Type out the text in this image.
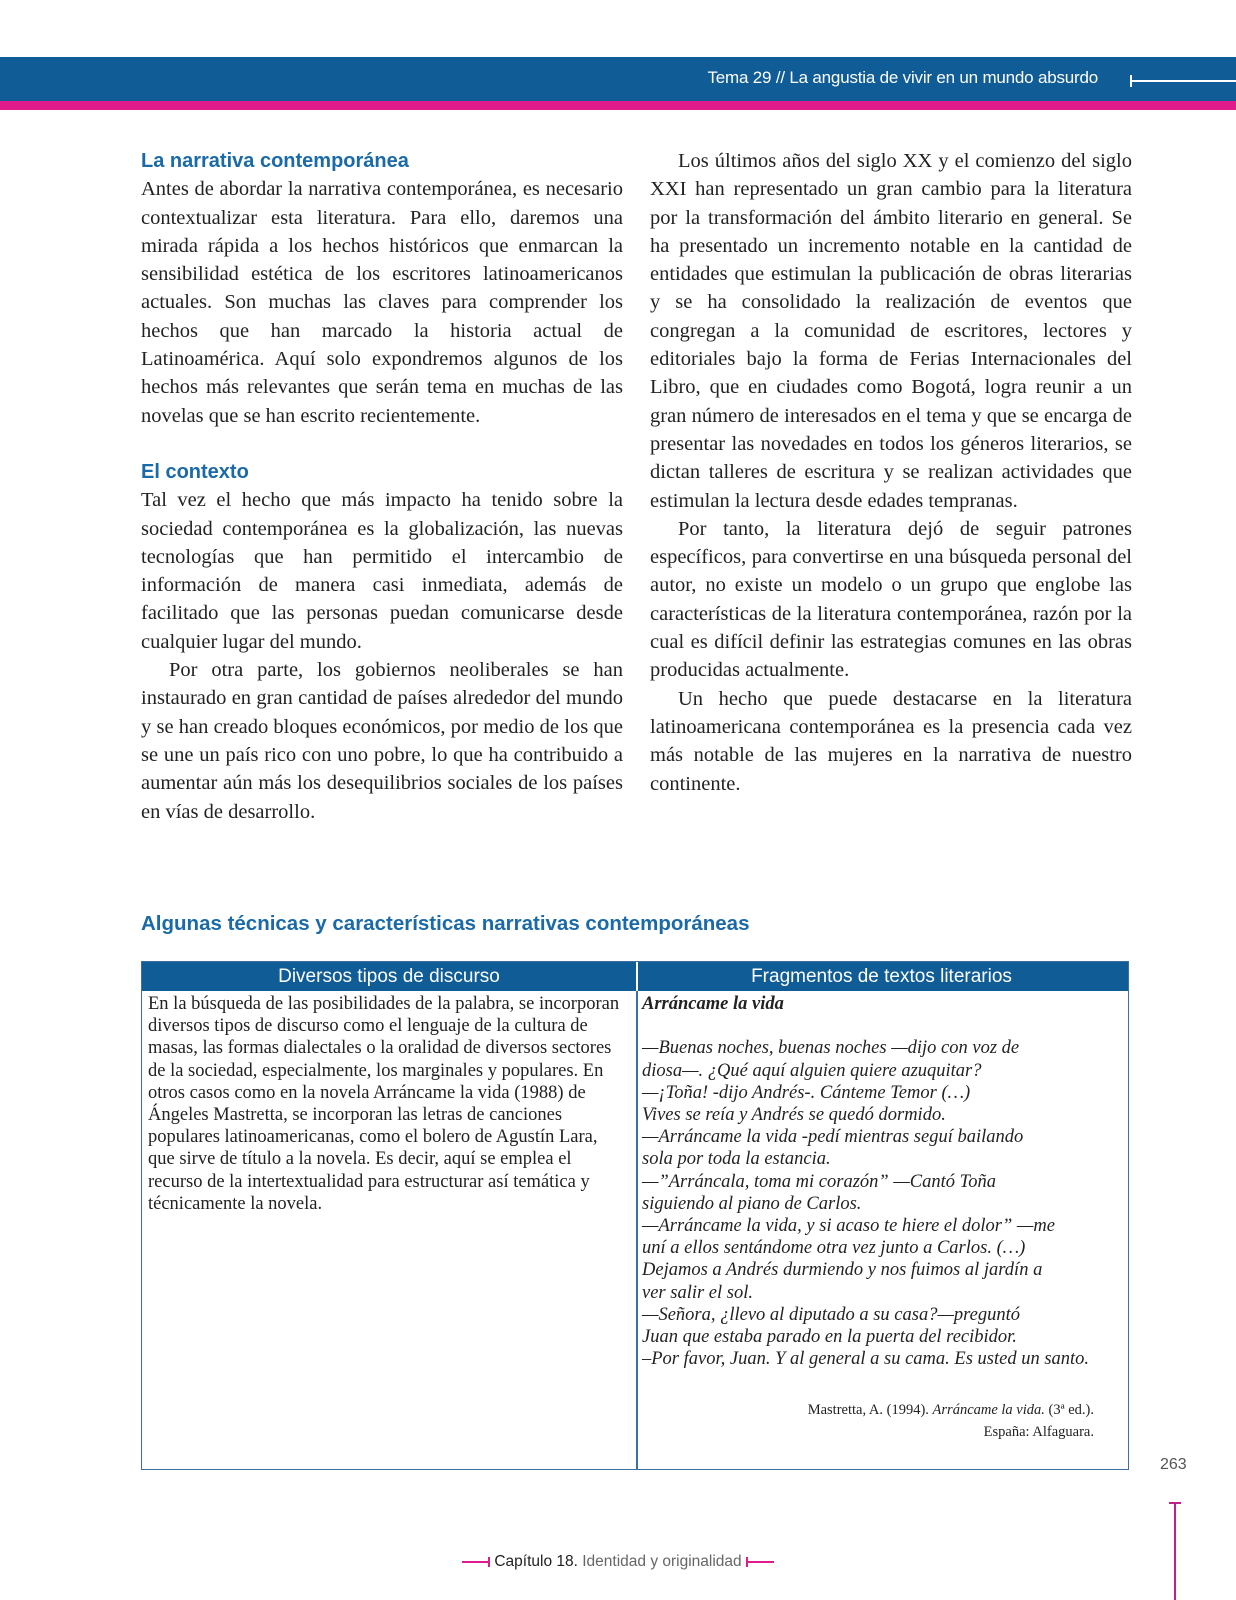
Tema 29 // La angustia de vivir en un mundo absurdo
La narrativa contemporánea

Antes de abordar la narrativa contemporánea, es necesario contextualizar esta literatura. Para ello, daremos una mirada rápida a los hechos históricos que enmarcan la sensibilidad estética de los escritores latinoamericanos actuales. Son muchas las claves para comprender los hechos que han marcado la historia actual de Latinoamérica. Aquí solo expondremos algunos de los hechos más relevantes que serán tema en muchas de las novelas que se han escrito recientemente.

El contexto

Tal vez el hecho que más impacto ha tenido sobre la sociedad contemporánea es la globalización, las nuevas tecnologías que han permitido el intercambio de información de manera casi inmediata, además de facilitado que las personas puedan comunicarse desde cualquier lugar del mundo.

Por otra parte, los gobiernos neoliberales se han instaurado en gran cantidad de países alrededor del mundo y se han creado bloques económicos, por medio de los que se une un país rico con uno pobre, lo que ha contribuido a aumentar aún más los desequilibrios sociales de los países en vías de desarrollo.

Los últimos años del siglo XX y el comienzo del siglo XXI han representado un gran cambio para la literatura por la transformación del ámbito literario en general. Se ha presentado un incremento notable en la cantidad de entidades que estimulan la publicación de obras literarias y se ha consolidado la realización de eventos que congregan a la comunidad de escritores, lectores y editoriales bajo la forma de Ferias Internacionales del Libro, que en ciudades como Bogotá, logra reunir a un gran número de interesados en el tema y que se encarga de presentar las novedades en todos los géneros literarios, se dictan talleres de escritura y se realizan actividades que estimulan la lectura desde edades tempranas.

Por tanto, la literatura dejó de seguir patrones específicos, para convertirse en una búsqueda personal del autor, no existe un modelo o un grupo que englobe las características de la literatura contemporánea, razón por la cual es difícil definir las estrategias comunes en las obras producidas actualmente.

Un hecho que puede destacarse en la literatura latinoamericana contemporánea es la presencia cada vez más notable de las mujeres en la narrativa de nuestro continente.

Algunas técnicas y características narrativas contemporáneas
Diversos tipos de discurso	Fragmentos de textos literarios
En la búsqueda de las posibilidades de la palabra, se incorporan diversos tipos de discurso como el lenguaje de la cultura de masas, las formas dialectales o la oralidad de diversos sectores de la sociedad, especialmente, los marginales y populares. En otros casos como en la novela Arráncame la vida (1988) de Ángeles Mastretta, se incorporan las letras de canciones populares latinoamericanas, como el bolero de Agustín Lara, que sirve de título a la novela. Es decir, aquí se emplea el recurso de la intertextualidad para estructurar así temática y técnicamente la novela.
Arráncame la vida
—Buenas noches, buenas noches —dijo con voz de
diosa—. ¿Qué aquí alguien quiere azuquitar?
—¡Toña! -dijo Andrés-. Cánteme Temor (…)
Vives se reía y Andrés se quedó dormido.
—Arráncame la vida -pedí mientras seguí bailando
sola por toda la estancia.
—”Arráncala, toma mi corazón” —Cantó Toña
siguiendo al piano de Carlos.
—Arráncame la vida, y si acaso te hiere el dolor” —me
uní a ellos sentándome otra vez junto a Carlos. (…)
Dejamos a Andrés durmiendo y nos fuimos al jardín a
ver salir el sol.
—Señora, ¿llevo al diputado a su casa?—preguntó
Juan que estaba parado en la puerta del recibidor.
–Por favor, Juan. Y al general a su cama. Es usted un santo.
Mastretta, A. (1994). Arráncame la vida. (3ª ed.).
España: Alfaguara.
263
Capítulo 18. Identidad y originalidad
